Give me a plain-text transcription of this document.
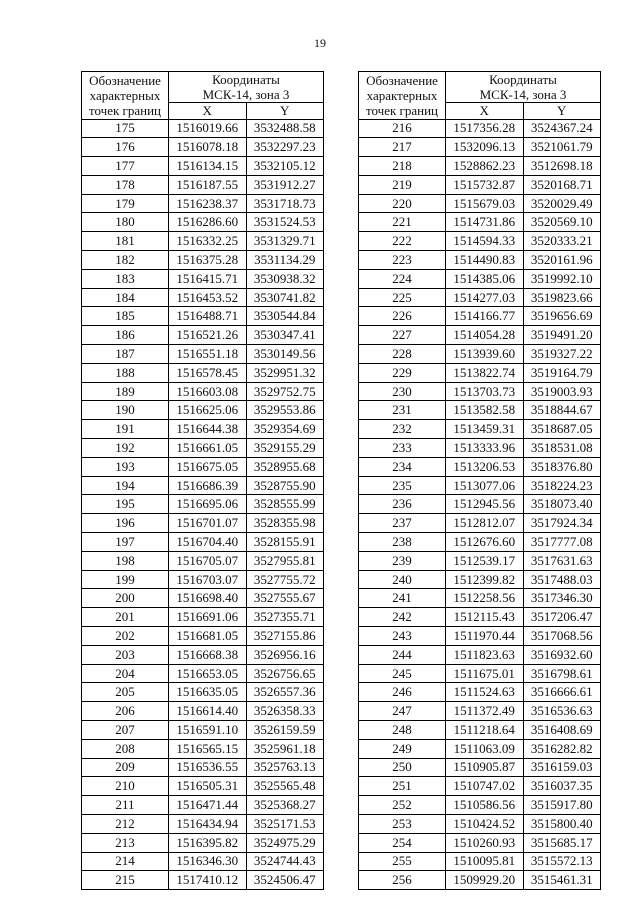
19
Обозначение
характерных
точек границ	Координаты
МСК-14, зона 3	
	X	Y
175	1516019.66	3532488.58
176	1516078.18	3532297.23
177	1516134.15	3532105.12
178	1516187.55	3531912.27
179	1516238.37	3531718.73
180	1516286.60	3531524.53
181	1516332.25	3531329.71
182	1516375.28	3531134.29
183	1516415.71	3530938.32
184	1516453.52	3530741.82
185	1516488.71	3530544.84
186	1516521.26	3530347.41
187	1516551.18	3530149.56
188	1516578.45	3529951.32
189	1516603.08	3529752.75
190	1516625.06	3529553.86
191	1516644.38	3529354.69
192	1516661.05	3529155.29
193	1516675.05	3528955.68
194	1516686.39	3528755.90
195	1516695.06	3528555.99
196	1516701.07	3528355.98
197	1516704.40	3528155.91
198	1516705.07	3527955.81
199	1516703.07	3527755.72
200	1516698.40	3527555.67
201	1516691.06	3527355.71
202	1516681.05	3527155.86
203	1516668.38	3526956.16
204	1516653.05	3526756.65
205	1516635.05	3526557.36
206	1516614.40	3526358.33
207	1516591.10	3526159.59
208	1516565.15	3525961.18
209	1516536.55	3525763.13
210	1516505.31	3525565.48
211	1516471.44	3525368.27
212	1516434.94	3525171.53
213	1516395.82	3524975.29
214	1516346.30	3524744.43
215	1517410.12	3524506.47
Обозначение
характерных
точек границ	Координаты
МСК-14, зона 3	
	X	Y
216	1517356.28	3524367.24
217	1532096.13	3521061.79
218	1528862.23	3512698.18
219	1515732.87	3520168.71
220	1515679.03	3520029.49
221	1514731.86	3520569.10
222	1514594.33	3520333.21
223	1514490.83	3520161.96
224	1514385.06	3519992.10
225	1514277.03	3519823.66
226	1514166.77	3519656.69
227	1514054.28	3519491.20
228	1513939.60	3519327.22
229	1513822.74	3519164.79
230	1513703.73	3519003.93
231	1513582.58	3518844.67
232	1513459.31	3518687.05
233	1513333.96	3518531.08
234	1513206.53	3518376.80
235	1513077.06	3518224.23
236	1512945.56	3518073.40
237	1512812.07	3517924.34
238	1512676.60	3517777.08
239	1512539.17	3517631.63
240	1512399.82	3517488.03
241	1512258.56	3517346.30
242	1512115.43	3517206.47
243	1511970.44	3517068.56
244	1511823.63	3516932.60
245	1511675.01	3516798.61
246	1511524.63	3516666.61
247	1511372.49	3516536.63
248	1511218.64	3516408.69
249	1511063.09	3516282.82
250	1510905.87	3516159.03
251	1510747.02	3516037.35
252	1510586.56	3515917.80
253	1510424.52	3515800.40
254	1510260.93	3515685.17
255	1510095.81	3515572.13
256	1509929.20	3515461.31
